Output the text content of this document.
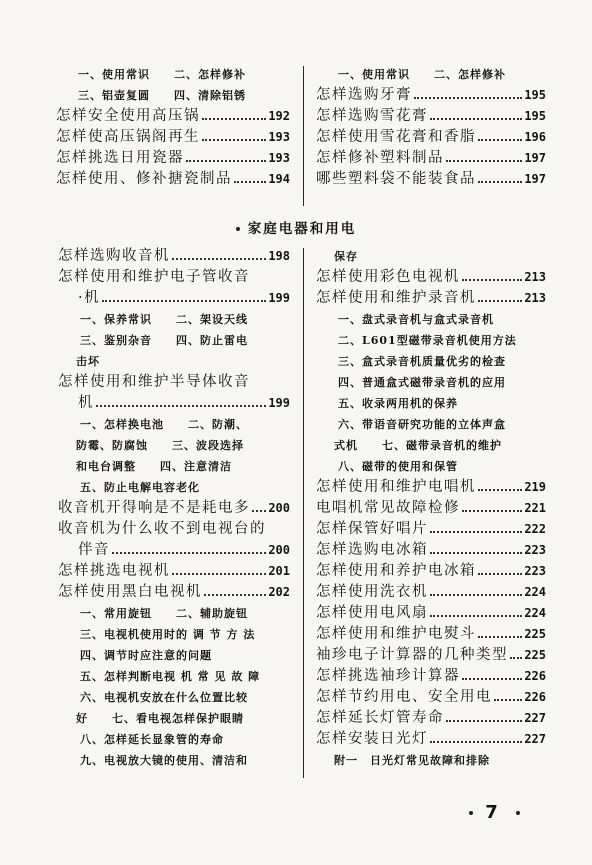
一、使用常识　　二、怎样修补
三、铝壶复圆　　四、清除铝锈
怎样安全使用高压锅	192
怎样使高压锅阁再生	193
怎样挑选日用瓷器	193
怎样使用、修补搪瓷制品	194
一、使用常识　　二、怎样修补
怎样选购牙膏	195
怎样选购雪花膏	195
怎样使用雪花膏和香脂	196
怎样修补塑料制品	197
哪些塑料袋不能装食品	197
家庭电器和用电
怎样选购收音机	198
怎样使用和维护电子管收音
·机	199
一、保养常识　　二、架设天线
三、鉴别杂音　　四、防止雷电
击坏
怎样使用和维护半导体收音
机	199
一、怎样换电池　　二、防潮、
防霉、防腐蚀　　三、波段选择
和电台调整　　四、注意清洁
五、防止电解电容老化
收音机开得响是不是耗电多 200
收音机为什么收不到电视台的
伴音	200
怎样挑选电视机	201
怎样使用黑白电视机	202
一、常用旋钮　　二、辅助旋钮
三、电视机使用时的 调 节 方 法
四、调节时应注意的问题
五、怎样判断电视 机 常 见 故 障
六、电视机安放在什么位置比较
好　　七、看电视怎样保护眼睛
八、怎样延长显象管的寿命
九、电视放大镜的使用、清洁和
保存
怎样使用彩色电视机	213
怎样使用和维护录音机	213
一、盘式录音机与盒式录音机
二、L601型磁带录音机使用方法
三、盒式录音机质量优劣的检查
四、普通盒式磁带录音机的应用
五、收录两用机的保养
六、带语音研究功能的立体声盒
式机　　七、磁带录音机的维护
八、磁带的使用和保管
怎样使用和维护电唱机	219
电唱机常见故障检修	221
怎样保管好唱片	222
怎样选购电冰箱	223
怎样使用和养护电冰箱	223
怎样使用洗衣机	224
怎样使用电风扇	224
怎样使用和维护电熨斗	225
袖珍电子计算器的几种类型 225
怎样挑选袖珍计算器	226
怎样节约用电、安全用电	226
怎样延长灯管寿命	227
怎样安装日光灯	227
附一　日光灯常见故障和排除
7
